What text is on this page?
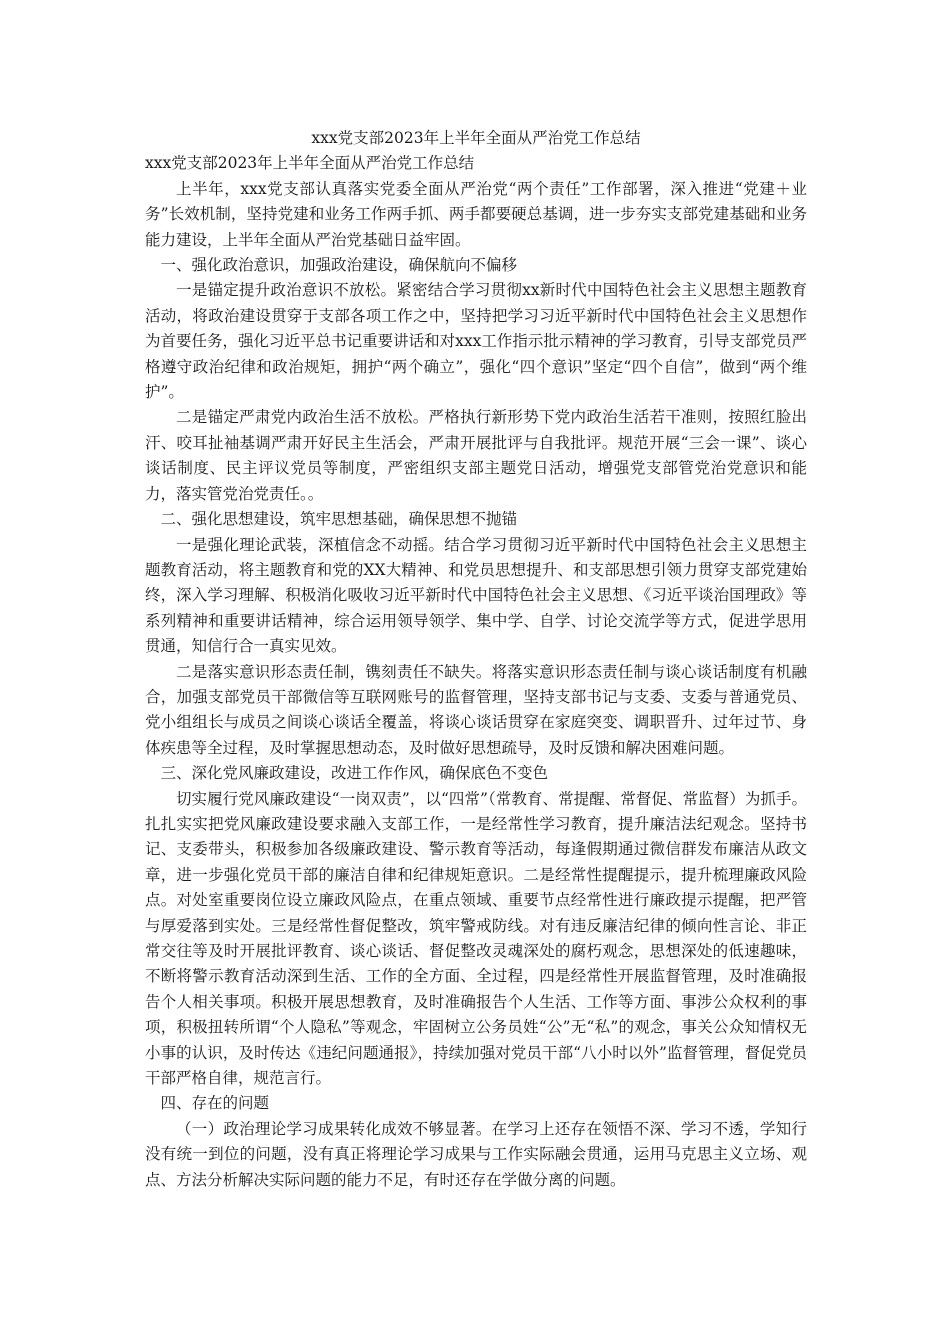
xxx党支部2023年上半年全面从严治党工作总结

xxx党支部2023年上半年全面从严治党工作总结

上半年，xxx党支部认真落实党委全面从严治党“两个责任”工作部署，深入推进“党建＋业务”长效机制，坚持党建和业务工作两手抓、两手都要硬总基调，进一步夯实支部党建基础和业务能力建设，上半年全面从严治党基础日益牢固。

一、强化政治意识，加强政治建设，确保航向不偏移

一是锚定提升政治意识不放松。紧密结合学习贯彻xx新时代中国特色社会主义思想主题教育活动，将政治建设贯穿于支部各项工作之中，坚持把学习习近平新时代中国特色社会主义思想作为首要任务，强化习近平总书记重要讲话和对xxx工作指示批示精神的学习教育，引导支部党员严格遵守政治纪律和政治规矩，拥护“两个确立”，强化“四个意识”坚定“四个自信”，做到“两个维护”。

二是锚定严肃党内政治生活不放松。严格执行新形势下党内政治生活若干准则，按照红脸出汗、咬耳扯袖基调严肃开好民主生活会，严肃开展批评与自我批评。规范开展“三会一课”、谈心谈话制度、民主评议党员等制度，严密组织支部主题党日活动，增强党支部管党治党意识和能力，落实管党治党责任。。

二、强化思想建设，筑牢思想基础，确保思想不抛锚

一是强化理论武装，深植信念不动摇。结合学习贯彻习近平新时代中国特色社会主义思想主题教育活动，将主题教育和党的XX大精神、和党员思想提升、和支部思想引领力贯穿支部党建始终，深入学习理解、积极消化吸收习近平新时代中国特色社会主义思想、《习近平谈治国理政》等系列精神和重要讲话精神，综合运用领导领学、集中学、自学、讨论交流学等方式，促进学思用贯通，知信行合一真实见效。

二是落实意识形态责任制，镌刻责任不缺失。将落实意识形态责任制与谈心谈话制度有机融合，加强支部党员干部微信等互联网账号的监督管理，坚持支部书记与支委、支委与普通党员、党小组组长与成员之间谈心谈话全覆盖，将谈心谈话贯穿在家庭突变、调职晋升、过年过节、身体疾患等全过程，及时掌握思想动态，及时做好思想疏导，及时反馈和解决困难问题。

三、深化党风廉政建设，改进工作作风，确保底色不变色

切实履行党风廉政建设“一岗双责”，以“四常”（常教育、常提醒、常督促、常监督）为抓手。扎扎实实把党风廉政建设要求融入支部工作，一是经常性学习教育，提升廉洁法纪观念。坚持书记、支委带头，积极参加各级廉政建设、警示教育等活动，每逢假期通过微信群发布廉洁从政文章，进一步强化党员干部的廉洁自律和纪律规矩意识。二是经常性提醒提示，提升梳理廉政风险点。对处室重要岗位设立廉政风险点，在重点领域、重要节点经常性进行廉政提示提醒，把严管与厚爱落到实处。三是经常性督促整改，筑牢警戒防线。对有违反廉洁纪律的倾向性言论、非正常交往等及时开展批评教育、谈心谈话、督促整改灵魂深处的腐朽观念，思想深处的低速趣味，不断将警示教育活动深到生活、工作的全方面、全过程，四是经常性开展监督管理，及时准确报告个人相关事项。积极开展思想教育，及时准确报告个人生活、工作等方面、事涉公众权利的事项，积极扭转所谓“个人隐私”等观念，牢固树立公务员姓“公”无“私”的观念，事关公众知情权无小事的认识，及时传达《违纪问题通报》，持续加强对党员干部“八小时以外”监督管理，督促党员干部严格自律，规范言行。

四、存在的问题

（一）政治理论学习成果转化成效不够显著。在学习上还存在领悟不深、学习不透，学知行没有统一到位的问题，没有真正将理论学习成果与工作实际融会贯通，运用马克思主义立场、观点、方法分析解决实际问题的能力不足，有时还存在学做分离的问题。
